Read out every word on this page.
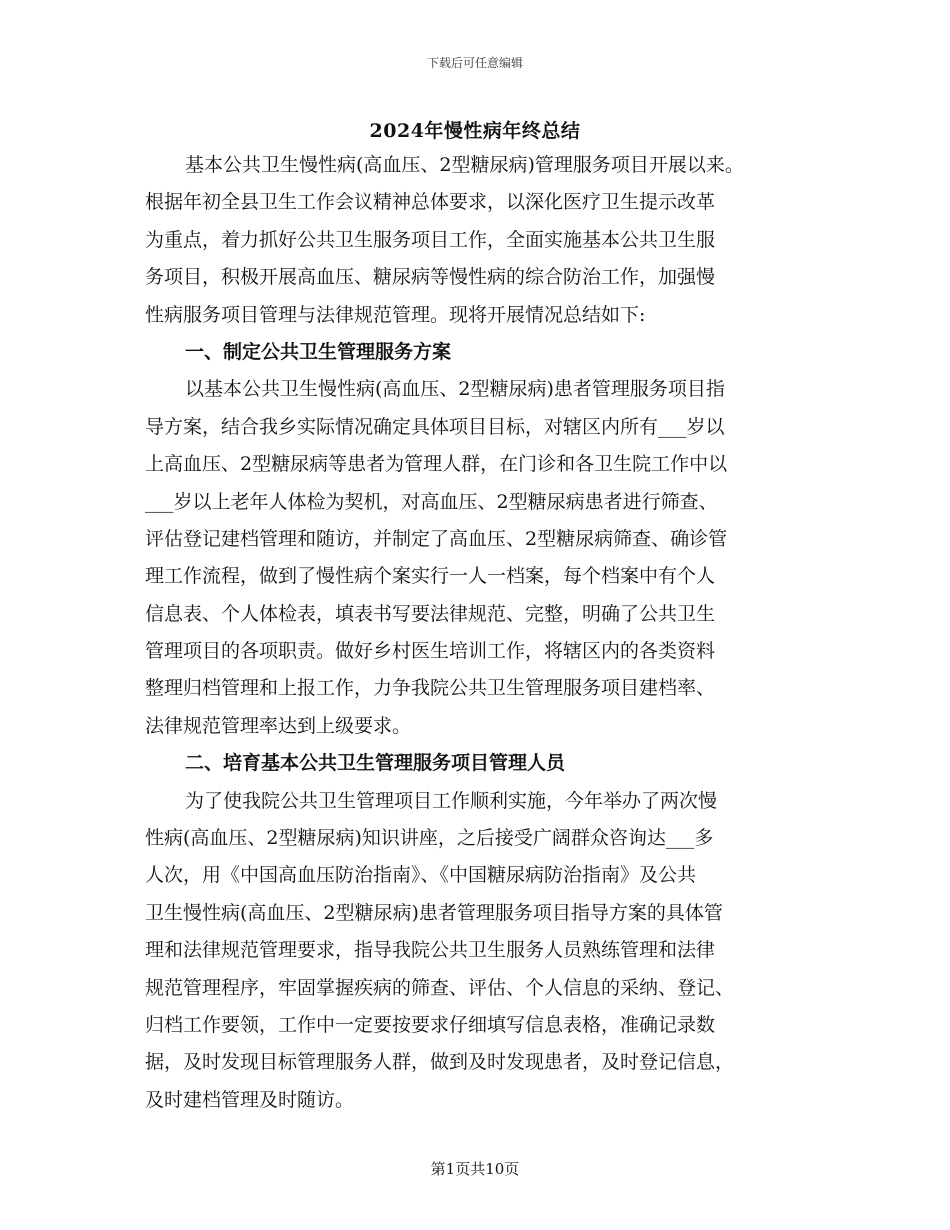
下载后可任意编辑
2024年慢性病年终总结
基本公共卫生慢性病(高血压、2型糖尿病)管理服务项目开展以来。
根据年初全县卫生工作会议精神总体要求，以深化医疗卫生提示改革
为重点，着力抓好公共卫生服务项目工作，全面实施基本公共卫生服
务项目，积极开展高血压、糖尿病等慢性病的综合防治工作，加强慢
性病服务项目管理与法律规范管理。现将开展情况总结如下:
一、制定公共卫生管理服务方案
以基本公共卫生慢性病(高血压、2型糖尿病)患者管理服务项目指
导方案，结合我乡实际情况确定具体项目目标，对辖区内所有___岁以
上高血压、2型糖尿病等患者为管理人群，在门诊和各卫生院工作中以
___岁以上老年人体检为契机，对高血压、2型糖尿病患者进行筛查、
评估登记建档管理和随访，并制定了高血压、2型糖尿病筛查、确诊管
理工作流程，做到了慢性病个案实行一人一档案，每个档案中有个人
信息表、个人体检表，填表书写要法律规范、完整，明确了公共卫生
管理项目的各项职责。做好乡村医生培训工作，将辖区内的各类资料
整理归档管理和上报工作，力争我院公共卫生管理服务项目建档率、
法律规范管理率达到上级要求。
二、培育基本公共卫生管理服务项目管理人员
为了使我院公共卫生管理项目工作顺利实施，今年举办了两次慢
性病(高血压、2型糖尿病)知识讲座，之后接受广阔群众咨询达___多
人次，用《中国高血压防治指南》、《中国糖尿病防治指南》及公共
卫生慢性病(高血压、2型糖尿病)患者管理服务项目指导方案的具体管
理和法律规范管理要求，指导我院公共卫生服务人员熟练管理和法律
规范管理程序，牢固掌握疾病的筛查、评估、个人信息的采纳、登记、
归档工作要领，工作中一定要按要求仔细填写信息表格，准确记录数
据，及时发现目标管理服务人群，做到及时发现患者，及时登记信息，
及时建档管理及时随访。
第1页共10页
